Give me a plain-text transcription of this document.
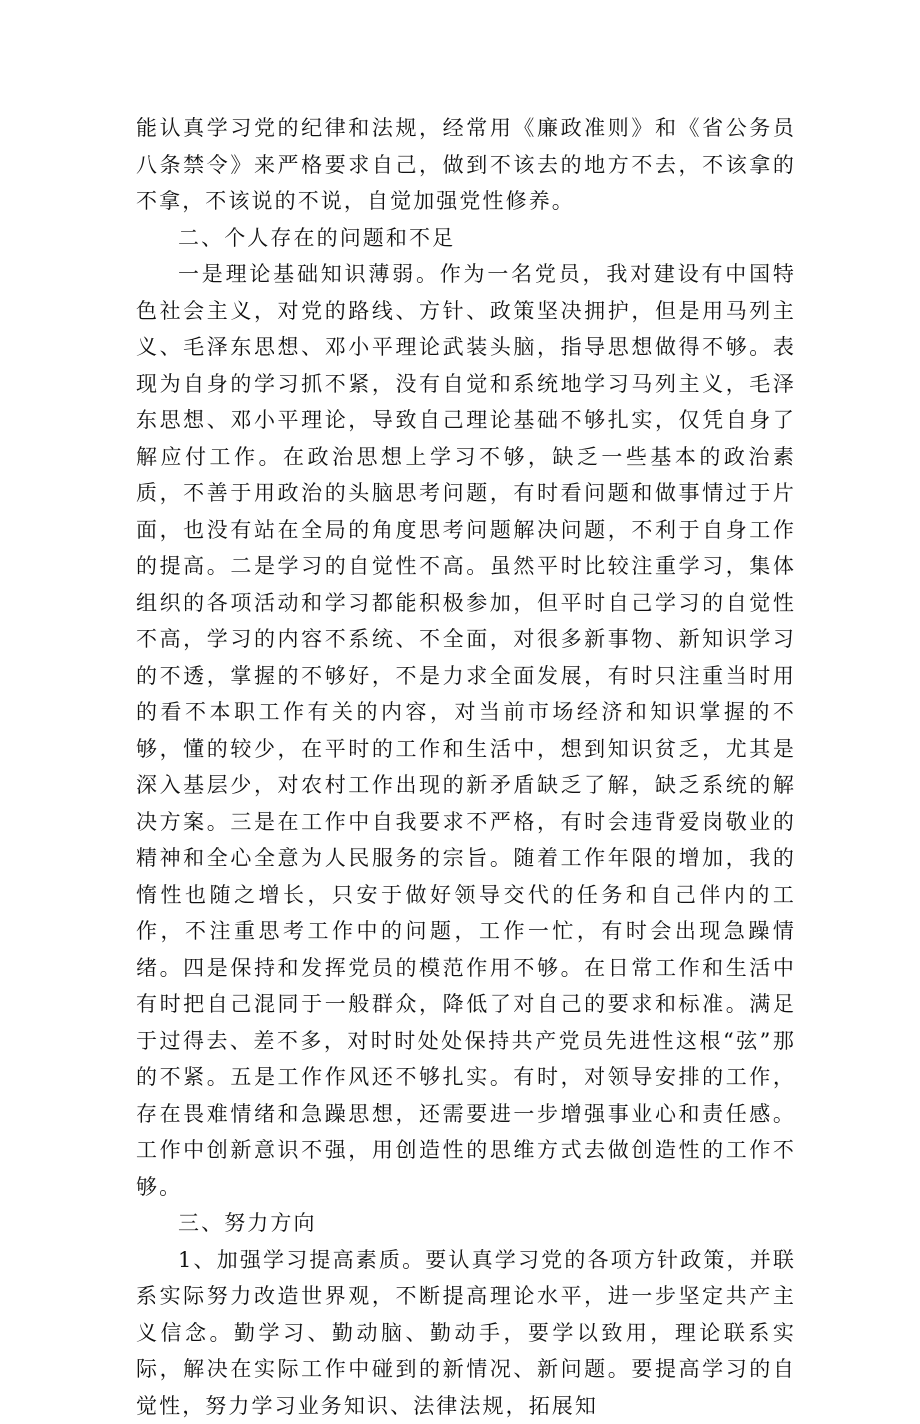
能认真学习党的纪律和法规，经常用《廉政准则》和《省公务员八条禁令》来严格要求自己，做到不该去的地方不去，不该拿的不拿，不该说的不说，自觉加强党性修养。

二、个人存在的问题和不足

一是理论基础知识薄弱。作为一名党员，我对建设有中国特色社会主义，对党的路线、方针、政策坚决拥护，但是用马列主义、毛泽东思想、邓小平理论武装头脑，指导思想做得不够。表现为自身的学习抓不紧，没有自觉和系统地学习马列主义，毛泽东思想、邓小平理论，导致自己理论基础不够扎实，仅凭自身了解应付工作。在政治思想上学习不够，缺乏一些基本的政治素质，不善于用政治的头脑思考问题，有时看问题和做事情过于片面，也没有站在全局的角度思考问题解决问题，不利于自身工作的提高。二是学习的自觉性不高。虽然平时比较注重学习，集体组织的各项活动和学习都能积极参加，但平时自己学习的自觉性不高，学习的内容不系统、不全面，对很多新事物、新知识学习的不透，掌握的不够好，不是力求全面发展，有时只注重当时用的看不本职工作有关的内容，对当前市场经济和知识掌握的不够，懂的较少，在平时的工作和生活中，想到知识贫乏，尤其是深入基层少，对农村工作出现的新矛盾缺乏了解，缺乏系统的解决方案。三是在工作中自我要求不严格，有时会违背爱岗敬业的精神和全心全意为人民服务的宗旨。随着工作年限的增加，我的惰性也随之增长，只安于做好领导交代的任务和自己伴内的工作，不注重思考工作中的问题，工作一忙，有时会出现急躁情绪。四是保持和发挥党员的模范作用不够。在日常工作和生活中有时把自己混同于一般群众，降低了对自己的要求和标准。满足于过得去、差不多，对时时处处保持共产党员先进性这根“弦”那的不紧。五是工作作风还不够扎实。有时，对领导安排的工作，存在畏难情绪和急躁思想，还需要进一步增强事业心和责任感。工作中创新意识不强，用创造性的思维方式去做创造性的工作不够。

三、努力方向

1、加强学习提高素质。要认真学习党的各项方针政策，并联系实际努力改造世界观，不断提高理论水平，进一步坚定共产主义信念。勤学习、勤动脑、勤动手，要学以致用，理论联系实际，解决在实际工作中碰到的新情况、新问题。要提高学习的自觉性，努力学习业务知识、法律法规，拓展知
